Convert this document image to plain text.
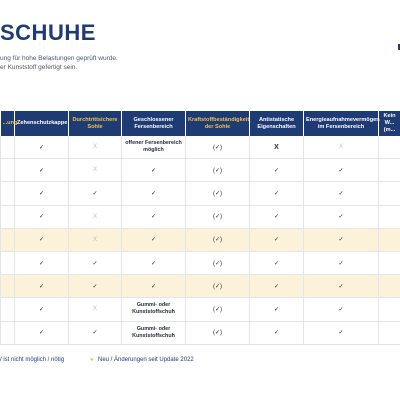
SCHUHE
ung für hohe Belastungen geprüft wurde.
er Kunststoff gefertigt sein.
...ung	Zehenschutzkappe	Durchtrittsichere Sohle	Geschlossener Fersenbereich	Kraftstoffbeständigkeit der Sohle	Antistatische Eigenschaften	Energieaufnahmevermögen im Fersenbereich	Kein W... (m...
	✓	X	offener Fersenbereich möglich	(✓)	X	X	
	✓	X	✓	(✓)	✓	✓	
	✓	✓	✓	(✓)	✓	✓	
	✓	X	✓	(✓)	✓	✓	
	✓	X	✓	(✓)	✓	✓	
	✓	✓	✓	(✓)	✓	✓	
	✓	✓	✓	(✓)	✓	✓	
	✓	X	Gummi- oder Kunststoffschuh	(✓)	✓	✓	
	✓	✓	Gummi- oder Kunststoffschuh	(✓)	✓	✓	
/ ist nicht möglich / nötig	● Neu / Änderungen seit Update 2022
